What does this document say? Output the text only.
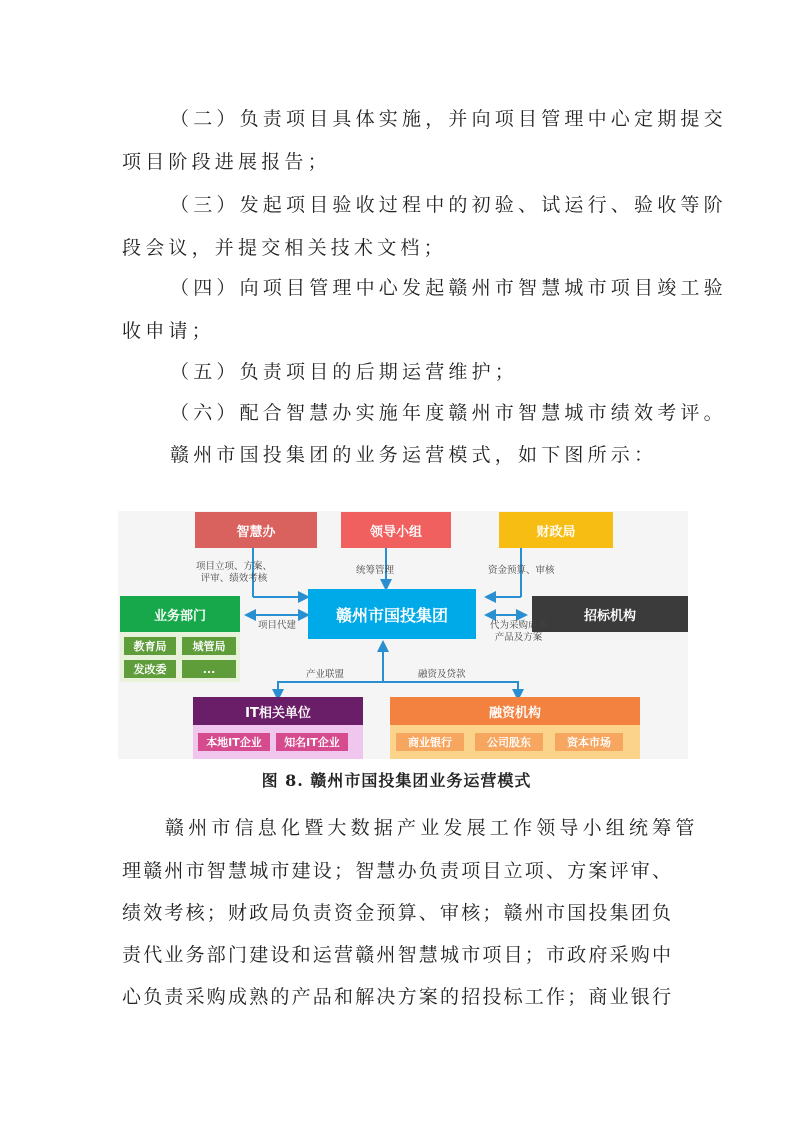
（二）负责项目具体实施，并向项目管理中心定期提交
项目阶段进展报告；
（三）发起项目验收过程中的初验、试运行、验收等阶
段会议，并提交相关技术文档；
（四）向项目管理中心发起赣州市智慧城市项目竣工验
收申请；
（五）负责项目的后期运营维护；
（六）配合智慧办实施年度赣州市智慧城市绩效考评。
赣州市国投集团的业务运营模式，如下图所示：
智慧办	领导小组	财政局
赣州市国投集团
业务部门
教育局 城管局
发改委	...
招标机构
IT相关单位
本地IT企业 知名IT企业
融资机构
商业银行	公司股东	资本市场
项目立项、方案、
评审、绩效考核
统筹管理	资金预算、审核
项目代建	代为采购成熟
产品及方案
产业联盟	融资及贷款
图 8. 赣州市国投集团业务运营模式
赣州市信息化暨大数据产业发展工作领导小组统筹管
理赣州市智慧城市建设；智慧办负责项目立项、方案评审、
绩效考核；财政局负责资金预算、审核；赣州市国投集团负
责代业务部门建设和运营赣州智慧城市项目；市政府采购中
心负责采购成熟的产品和解决方案的招投标工作；商业银行
